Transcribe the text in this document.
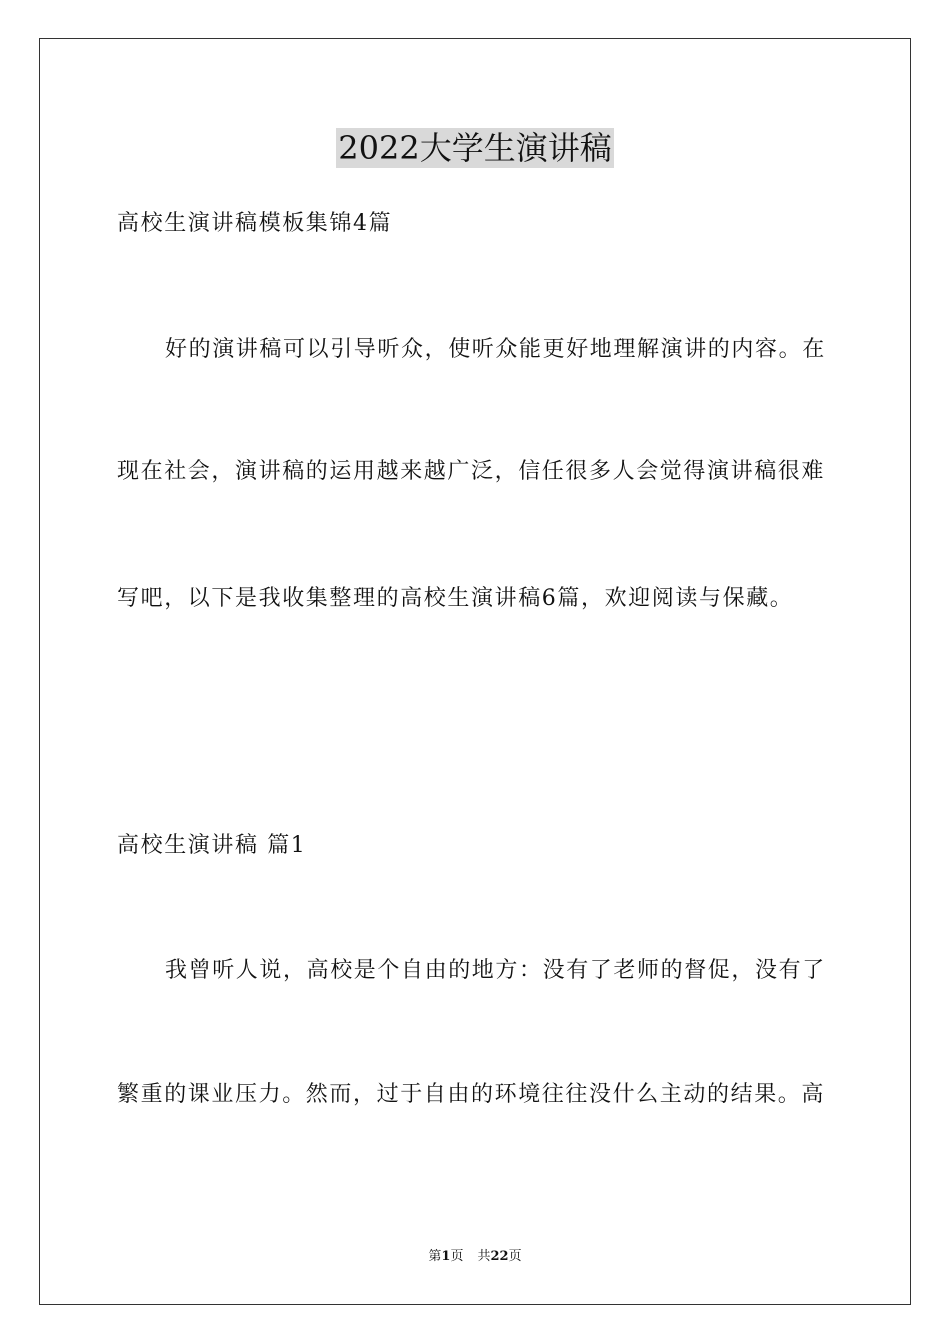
2022大学生演讲稿
高校生演讲稿模板集锦4篇
好的演讲稿可以引导听众，使听众能更好地理解演讲的内容。在
现在社会，演讲稿的运用越来越广泛，信任很多人会觉得演讲稿很难
写吧，以下是我收集整理的高校生演讲稿6篇，欢迎阅读与保藏。
高校生演讲稿 篇1
我曾听人说，高校是个自由的地方：没有了老师的督促，没有了
繁重的课业压力。然而，过于自由的环境往往没什么主动的结果。高
第1页 共22页
